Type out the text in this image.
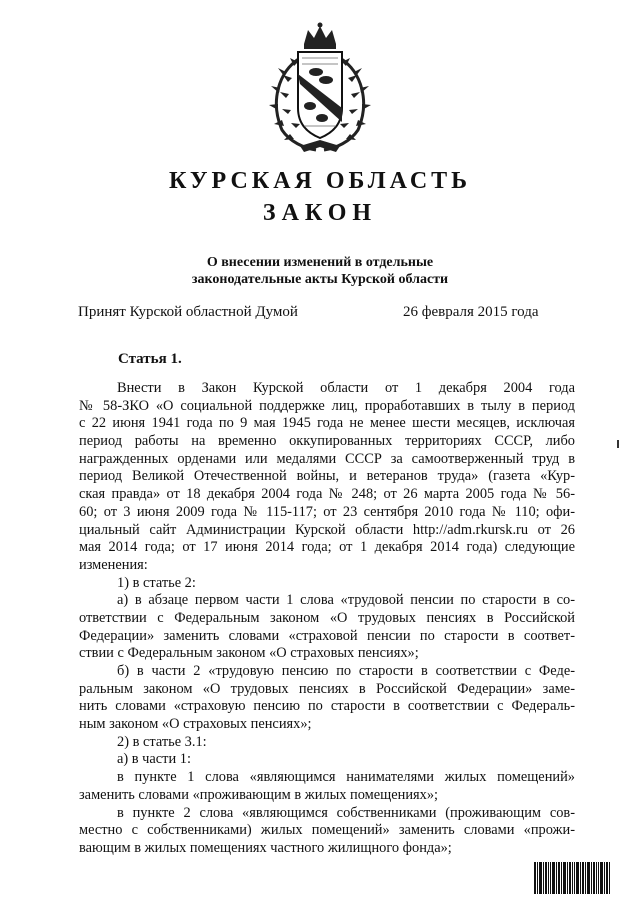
КУРСКАЯ ОБЛАСТЬ
ЗАКОН
О внесении изменений в отдельные
законодательные акты Курской области
Принят Курской областной Думой	26 февраля 2015 года
Статья 1.
Внести в Закон Курской области от 1 декабря 2004 года
№ 58-ЗКО «О социальной поддержке лиц, проработавших в тылу в период
с 22 июня 1941 года по 9 мая 1945 года не менее шести месяцев, исключая
период работы на временно оккупированных территориях СССР, либо
награжденных орденами или медалями СССР за самоотверженный труд в
период Великой Отечественной войны, и ветеранов труда» (газета «Кур-
ская правда» от 18 декабря 2004 года № 248; от 26 марта 2005 года № 56-
60; от 3 июня 2009 года № 115-117; от 23 сентября 2010 года № 110; офи-
циальный сайт Администрации Курской области http://adm.rkursk.ru от 26
мая 2014 года; от 17 июня 2014 года; от 1 декабря 2014 года) следующие
изменения:
1) в статье 2:
а) в абзаце первом части 1 слова «трудовой пенсии по старости в со-
ответствии с Федеральным законом «О трудовых пенсиях в Российской
Федерации» заменить словами «страховой пенсии по старости в соответ-
ствии с Федеральным законом «О страховых пенсиях»;
б) в части 2 «трудовую пенсию по старости в соответствии с Феде-
ральным законом «О трудовых пенсиях в Российской Федерации» заме-
нить словами «страховую пенсию по старости в соответствии с Федераль-
ным законом «О страховых пенсиях»;
2) в статье 3.1:
а) в части 1:
в пункте 1 слова «являющимся нанимателями жилых помещений»
заменить словами «проживающим в жилых помещениях»;
в пункте 2 слова «являющимся собственниками (проживающим сов-
местно с собственниками) жилых помещений» заменить словами «прожи-
вающим в жилых помещениях частного жилищного фонда»;
